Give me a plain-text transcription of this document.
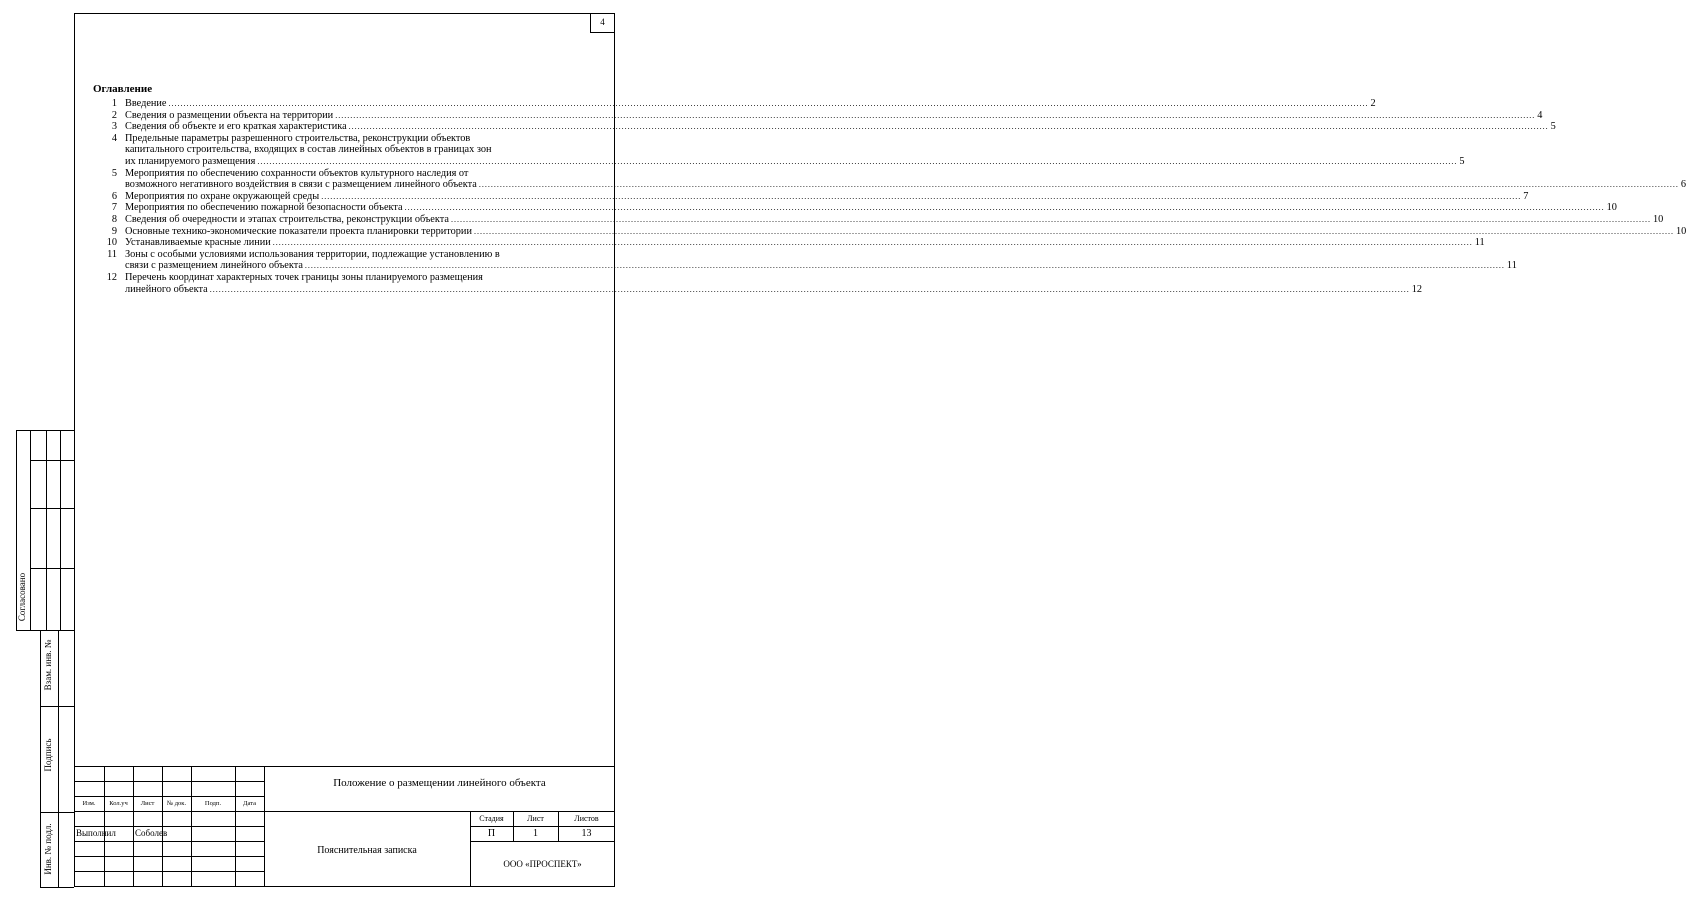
4
Оглавление
1 Введение ................................................................................................................................................................................................................................................................................................................................................................................................................ 2
2 Сведения о размещении объекта на территории ................................................................................................................................................................................................................................................................................................................................................................................................................ 4
3 Сведения об объекте и его краткая характеристика ................................................................................................................................................................................................................................................................................................................................................................................................................ 5
4 Предельные параметры разрешенного строительства, реконструкции объектов
капитального строительства, входящих в состав линейных объектов в границах зон
их планируемого размещения ................................................................................................................................................................................................................................................................................................................................................................................................................ 5
5 Мероприятия по обеспечению сохранности объектов культурного наследия от
возможного негативного воздействия в связи с размещением линейного объекта ................................................................................................................................................................................................................................................................................................................................................................................................................ 6
6 Мероприятия по охране окружающей среды ................................................................................................................................................................................................................................................................................................................................................................................................................ 7
7 Мероприятия по обеспечению пожарной безопасности объекта ................................................................................................................................................................................................................................................................................................................................................................................................................ 10
8 Сведения об очередности и этапах строительства, реконструкции объекта ................................................................................................................................................................................................................................................................................................................................................................................................................ 10
9 Основные технико-экономические показатели проекта планировки территории ................................................................................................................................................................................................................................................................................................................................................................................................................ 10
10 Устанавливаемые красные линии ................................................................................................................................................................................................................................................................................................................................................................................................................ 11
11 Зоны с особыми условиями использования территории, подлежащие установлению в
связи с размещением линейного объекта ................................................................................................................................................................................................................................................................................................................................................................................................................ 11
12 Перечень координат характерных точек границы зоны планируемого размещения
линейного объекта ................................................................................................................................................................................................................................................................................................................................................................................................................ 12
Согласовано
Взам. инв. №
Подпись
Инв. № подл.
Изм.	Кол.уч	Лист	№ док.	Подп.	Дата
Выполнил Соболев
Положение о размещении линейного объекта
Пояснительная записка
Стадия	Лист	Листов
П	1	13
ООО «ПРОСПЕКТ»
